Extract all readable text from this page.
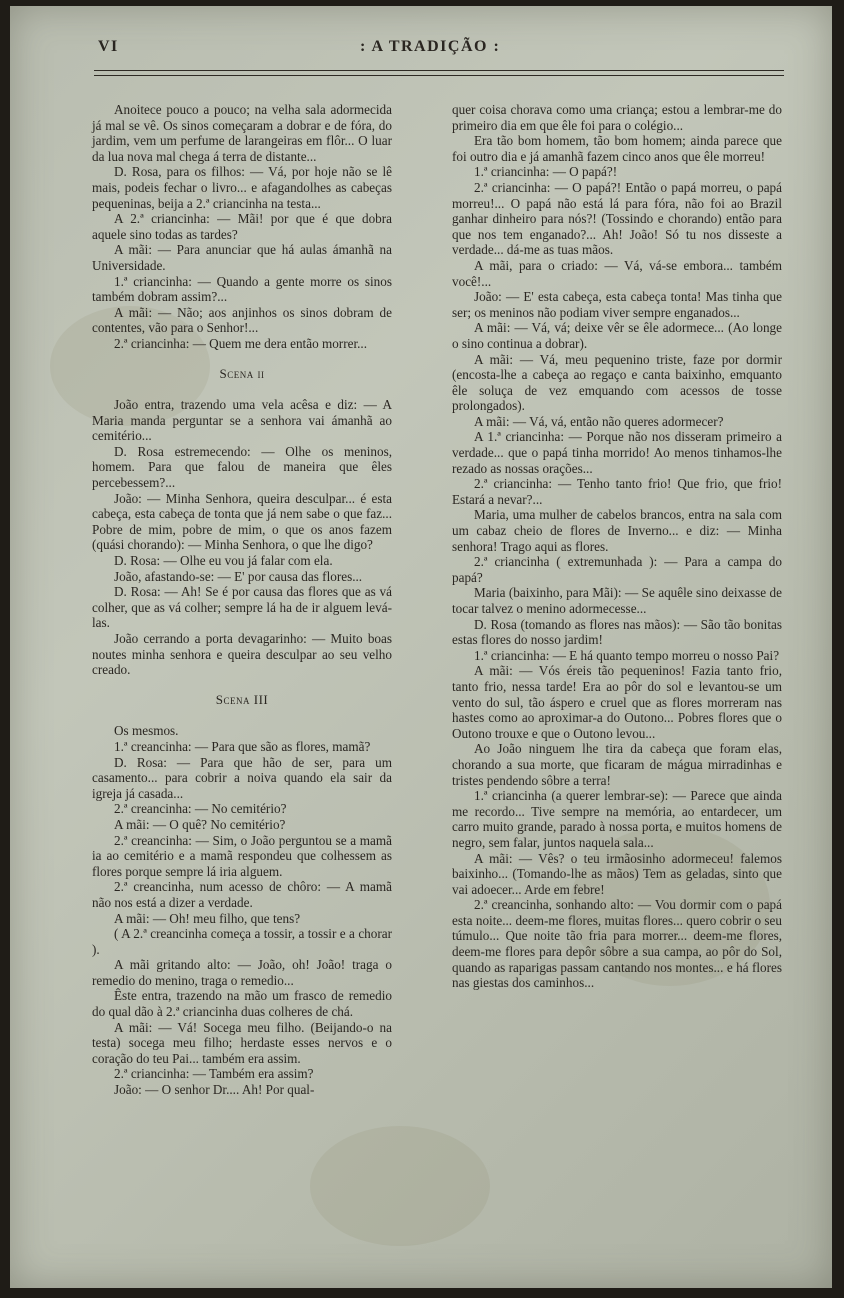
VI	: A TRADIÇÃO :

Anoitece pouco a pouco; na velha sala adormecida já mal se vê. Os sinos começaram a dobrar e de fóra, do jardim, vem um perfume de larangeiras em flôr... O luar da lua nova mal chega á terra de distante...

D. Rosa, para os filhos: — Vá, por hoje não se lê mais, podeis fechar o livro... e afagandolhes as cabeças pequeninas, beija a 2.ª criancinha na testa...

A 2.ª criancinha: — Mãi! por que é que dobra aquele sino todas as tardes?

A mãi: — Para anunciar que há aulas ámanhã na Universidade.

1.ª criancinha: — Quando a gente morre os sinos também dobram assim?...

A mãi: — Não; aos anjinhos os sinos dobram de contentes, vão para o Senhor!...

2.ª criancinha: — Quem me dera então morrer...

Scena ii

João entra, trazendo uma vela acêsa e diz: — A Maria manda perguntar se a senhora vai ámanhã ao cemitério...

D. Rosa estremecendo: — Olhe os meninos, homem. Para que falou de maneira que êles percebessem?...

João: — Minha Senhora, queira desculpar... é esta cabeça, esta cabeça de tonta que já nem sabe o que faz... Pobre de mim, pobre de mim, o que os anos fazem (quási chorando): — Minha Senhora, o que lhe digo?

D. Rosa: — Olhe eu vou já falar com ela.

João, afastando-se: — E' por causa das flores...

D. Rosa: — Ah! Se é por causa das flores que as vá colher, que as vá colher; sempre lá ha de ir alguem levá-las.

João cerrando a porta devagarinho: — Muito boas noutes minha senhora e queira desculpar ao seu velho creado.

Scena III

Os mesmos.

1.ª creancinha: — Para que são as flores, mamã?

D. Rosa: — Para que hão de ser, para um casamento... para cobrir a noiva quando ela sair da igreja já casada...

2.ª creancinha: — No cemitério?

A mãi: — O quê? No cemitério?

2.ª creancinha: — Sim, o João perguntou se a mamã ia ao cemitério e a mamã respondeu que colhessem as flores porque sempre lá iria alguem.

2.ª creancinha, num acesso de chôro: — A mamã não nos está a dizer a verdade.

A mãi: — Oh! meu filho, que tens?

( A 2.ª creancinha começa a tossir, a tossir e a chorar ).

A mãi gritando alto: — João, oh! João! traga o remedio do menino, traga o remedio...

Êste entra, trazendo na mão um frasco de remedio do qual dão à 2.ª criancinha duas colheres de chá.

A mãi: — Vá! Socega meu filho. (Beijando-o na testa) socega meu filho; herdaste esses nervos e o coração do teu Pai... também era assim.

2.ª criancinha: — Também era assim?

João: — O senhor Dr.... Ah! Por qual-

quer coisa chorava como uma criança; estou a lembrar-me do primeiro dia em que êle foi para o colégio...

Era tão bom homem, tão bom homem; ainda parece que foi outro dia e já amanhã fazem cinco anos que êle morreu!

1.ª criancinha: — O papá?!

2.ª criancinha: — O papá?! Então o papá morreu, o papá morreu!... O papá não está lá para fóra, não foi ao Brazil ganhar dinheiro para nós?! (Tossindo e chorando) então para que nos tem enganado?... Ah! João! Só tu nos disseste a verdade... dá-me as tuas mãos.

A mãi, para o criado: — Vá, vá-se embora... também você!...

João: — E' esta cabeça, esta cabeça tonta! Mas tinha que ser; os meninos não podiam viver sempre enganados...

A mãi: — Vá, vá; deixe vêr se êle adormece... (Ao longe o sino continua a dobrar).

A mãi: — Vá, meu pequenino triste, faze por dormir (encosta-lhe a cabeça ao regaço e canta baixinho, emquanto êle soluça de vez emquando com acessos de tosse prolongados).

A mãi: — Vá, vá, então não queres adormecer?

A 1.ª criancinha: — Porque não nos disseram primeiro a verdade... que o papá tinha morrido! Ao menos tinhamos-lhe rezado as nossas orações...

2.ª criancinha: — Tenho tanto frio! Que frio, que frio! Estará a nevar?...

Maria, uma mulher de cabelos brancos, entra na sala com um cabaz cheio de flores de Inverno... e diz: — Minha senhora! Trago aqui as flores.

2.ª criancinha ( extremunhada ): — Para a campa do papá?

Maria (baixinho, para Mãi): — Se aquêle sino deixasse de tocar talvez o menino adormecesse...

D. Rosa (tomando as flores nas mãos): — São tão bonitas estas flores do nosso jardim!

1.ª criancinha: — E há quanto tempo morreu o nosso Pai?

A mãi: — Vós éreis tão pequeninos! Fazia tanto frio, tanto frio, nessa tarde! Era ao pôr do sol e levantou-se um vento do sul, tão áspero e cruel que as flores morreram nas hastes como ao aproximar-a do Outono... Pobres flores que o Outono trouxe e que o Outono levou...

Ao João ninguem lhe tira da cabeça que foram elas, chorando a sua morte, que ficaram de mágua mirradinhas e tristes pendendo sôbre a terra!

1.ª criancinha (a querer lembrar-se): — Parece que ainda me recordo... Tive sempre na memória, ao entardecer, um carro muito grande, parado à nossa porta, e muitos homens de negro, sem falar, juntos naquela sala...

A mãi: — Vês? o teu irmãosinho adormeceu! falemos baixinho... (Tomando-lhe as mãos) Tem as geladas, sinto que vai adoecer... Arde em febre!

2.ª creancinha, sonhando alto: — Vou dormir com o papá esta noite... deem-me flores, muitas flores... quero cobrir o seu túmulo... Que noite tão fria para morrer... deem-me flores, deem-me flores para depôr sôbre a sua campa, ao pôr do Sol, quando as raparigas passam cantando nos montes... e há flores nas giestas dos caminhos...
